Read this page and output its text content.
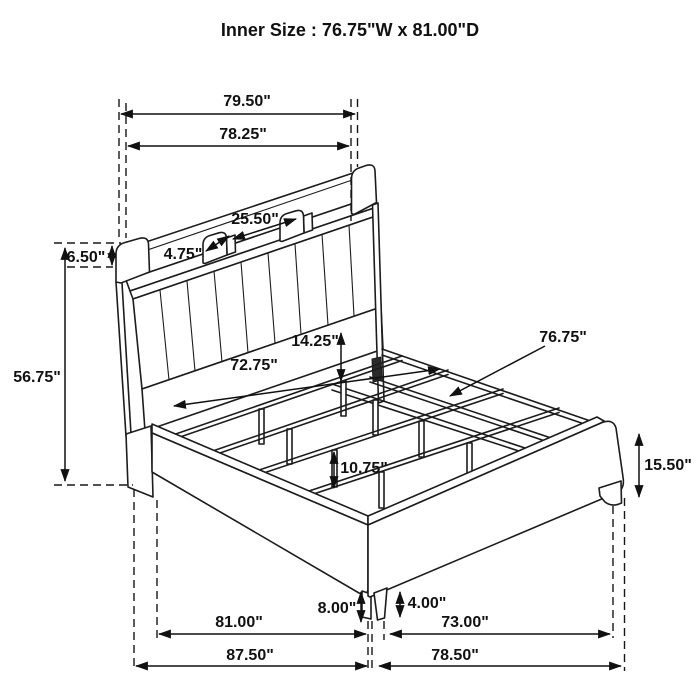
Inner Size : 76.75"W x 81.00"D
79.50"
78.25"
6.50"
56.75"
4.75"
25.50"
14.25"
72.75"
76.75"
10.75"	15.50"
8.00"	4.00"
81.00"	73.00"
87.50"	78.50"
